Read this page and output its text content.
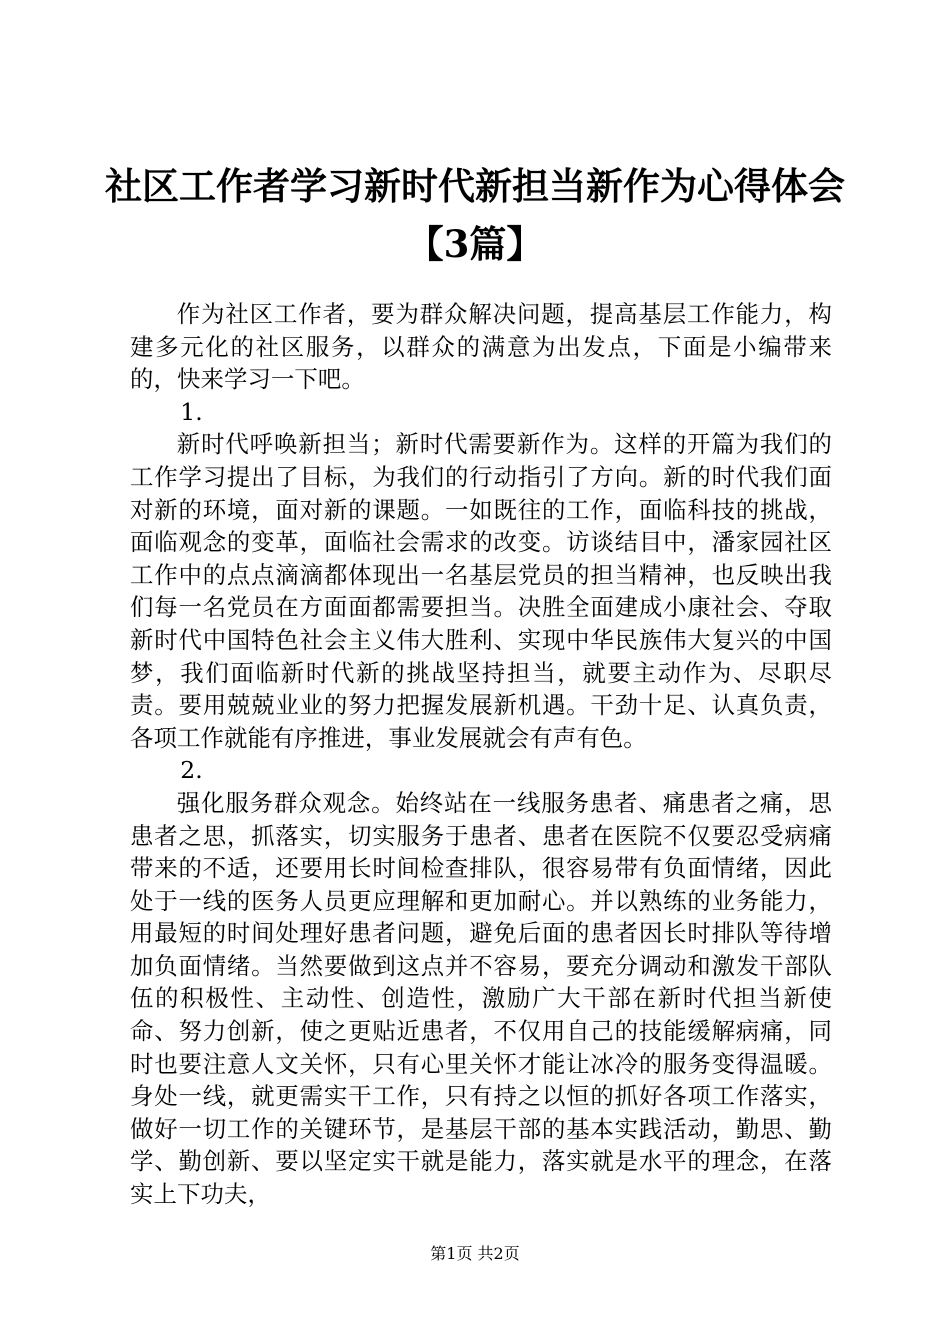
社区工作者学习新时代新担当新作为心得体会
【3篇】

作为社区工作者，要为群众解决问题，提高基层工作能力，构建多元化的社区服务，以群众的满意为出发点，下面是小编带来的，快来学习一下吧。

1.

新时代呼唤新担当；新时代需要新作为。这样的开篇为我们的工作学习提出了目标，为我们的行动指引了方向。新的时代我们面对新的环境，面对新的课题。一如既往的工作，面临科技的挑战，面临观念的变革，面临社会需求的改变。访谈结目中，潘家园社区工作中的点点滴滴都体现出一名基层党员的担当精神，也反映出我们每一名党员在方面面都需要担当。决胜全面建成小康社会、夺取新时代中国特色社会主义伟大胜利、实现中华民族伟大复兴的中国梦，我们面临新时代新的挑战坚持担当，就要主动作为、尽职尽责。要用兢兢业业的努力把握发展新机遇。干劲十足、认真负责，各项工作就能有序推进，事业发展就会有声有色。

2.

强化服务群众观念。始终站在一线服务患者、痛患者之痛，思患者之思，抓落实，切实服务于患者、患者在医院不仅要忍受病痛带来的不适，还要用长时间检查排队，很容易带有负面情绪，因此处于一线的医务人员更应理解和更加耐心。并以熟练的业务能力，用最短的时间处理好患者问题，避免后面的患者因长时排队等待增加负面情绪。当然要做到这点并不容易，要充分调动和激发干部队伍的积极性、主动性、创造性，激励广大干部在新时代担当新使命、努力创新，使之更贴近患者，不仅用自己的技能缓解病痛，同时也要注意人文关怀，只有心里关怀才能让冰冷的服务变得温暖。身处一线，就更需实干工作，只有持之以恒的抓好各项工作落实，做好一切工作的关键环节，是基层干部的基本实践活动，勤思、勤学、勤创新、要以坚定实干就是能力，落实就是水平的理念，在落实上下功夫，

第1页 共2页
